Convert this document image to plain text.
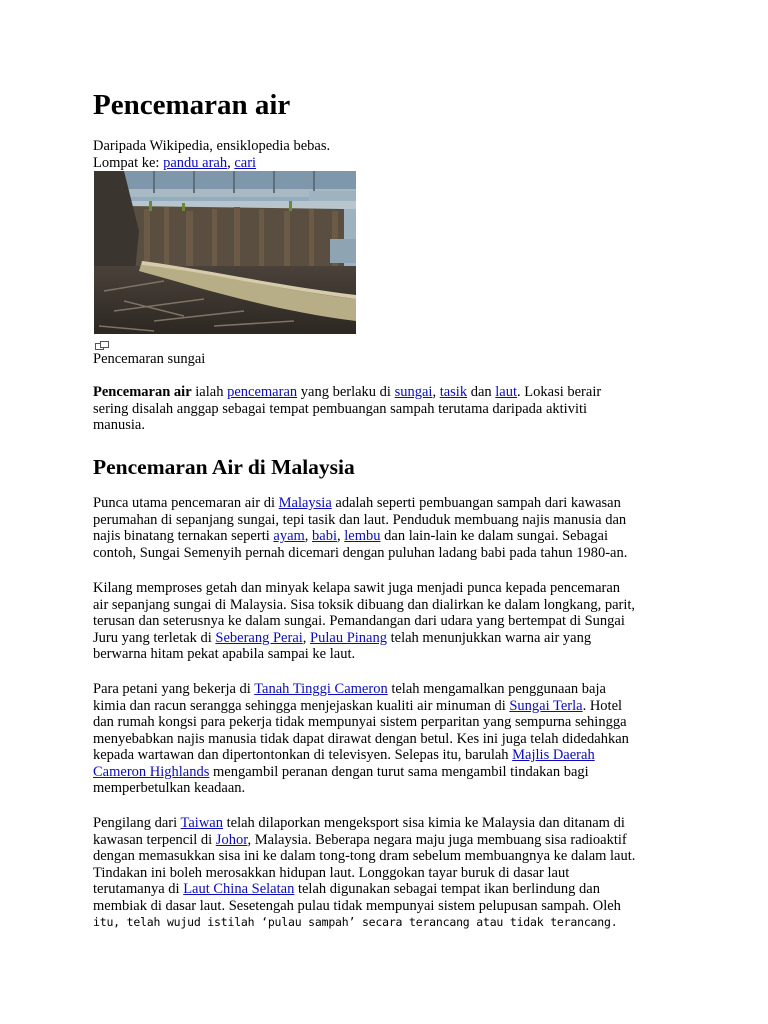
Pencemaran air
Daripada Wikipedia, ensiklopedia bebas.
Lompat ke: pandu arah, cari
Pencemaran sungai
Pencemaran air ialah pencemaran yang berlaku di sungai, tasik dan laut. Lokasi berair
sering disalah anggap sebagai tempat pembuangan sampah terutama daripada aktiviti
manusia.
Pencemaran Air di Malaysia
Punca utama pencemaran air di Malaysia adalah seperti pembuangan sampah dari kawasan
perumahan di sepanjang sungai, tepi tasik dan laut. Penduduk membuang najis manusia dan
najis binatang ternakan seperti ayam, babi, lembu dan lain-lain ke dalam sungai. Sebagai
contoh, Sungai Semenyih pernah dicemari dengan puluhan ladang babi pada tahun 1980-an.
Kilang memproses getah dan minyak kelapa sawit juga menjadi punca kepada pencemaran
air sepanjang sungai di Malaysia. Sisa toksik dibuang dan dialirkan ke dalam longkang, parit,
terusan dan seterusnya ke dalam sungai. Pemandangan dari udara yang bertempat di Sungai
Juru yang terletak di Seberang Perai, Pulau Pinang telah menunjukkan warna air yang
berwarna hitam pekat apabila sampai ke laut.
Para petani yang bekerja di Tanah Tinggi Cameron telah mengamalkan penggunaan baja
kimia dan racun serangga sehingga menjejaskan kualiti air minuman di Sungai Terla. Hotel
dan rumah kongsi para pekerja tidak mempunyai sistem perparitan yang sempurna sehingga
menyebabkan najis manusia tidak dapat dirawat dengan betul. Kes ini juga telah didedahkan
kepada wartawan dan dipertontonkan di televisyen. Selepas itu, barulah Majlis Daerah
Cameron Highlands mengambil peranan dengan turut sama mengambil tindakan bagi
memperbetulkan keadaan.
Pengilang dari Taiwan telah dilaporkan mengeksport sisa kimia ke Malaysia dan ditanam di
kawasan terpencil di Johor, Malaysia. Beberapa negara maju juga membuang sisa radioaktif
dengan memasukkan sisa ini ke dalam tong-tong dram sebelum membuangnya ke dalam laut.
Tindakan ini boleh merosakkan hidupan laut. Longgokan tayar buruk di dasar laut
terutamanya di Laut China Selatan telah digunakan sebagai tempat ikan berlindung dan
membiak di dasar laut. Sesetengah pulau tidak mempunyai sistem pelupusan sampah. Oleh
itu, telah wujud istilah ‘pulau sampah’ secara terancang atau tidak terancang.
